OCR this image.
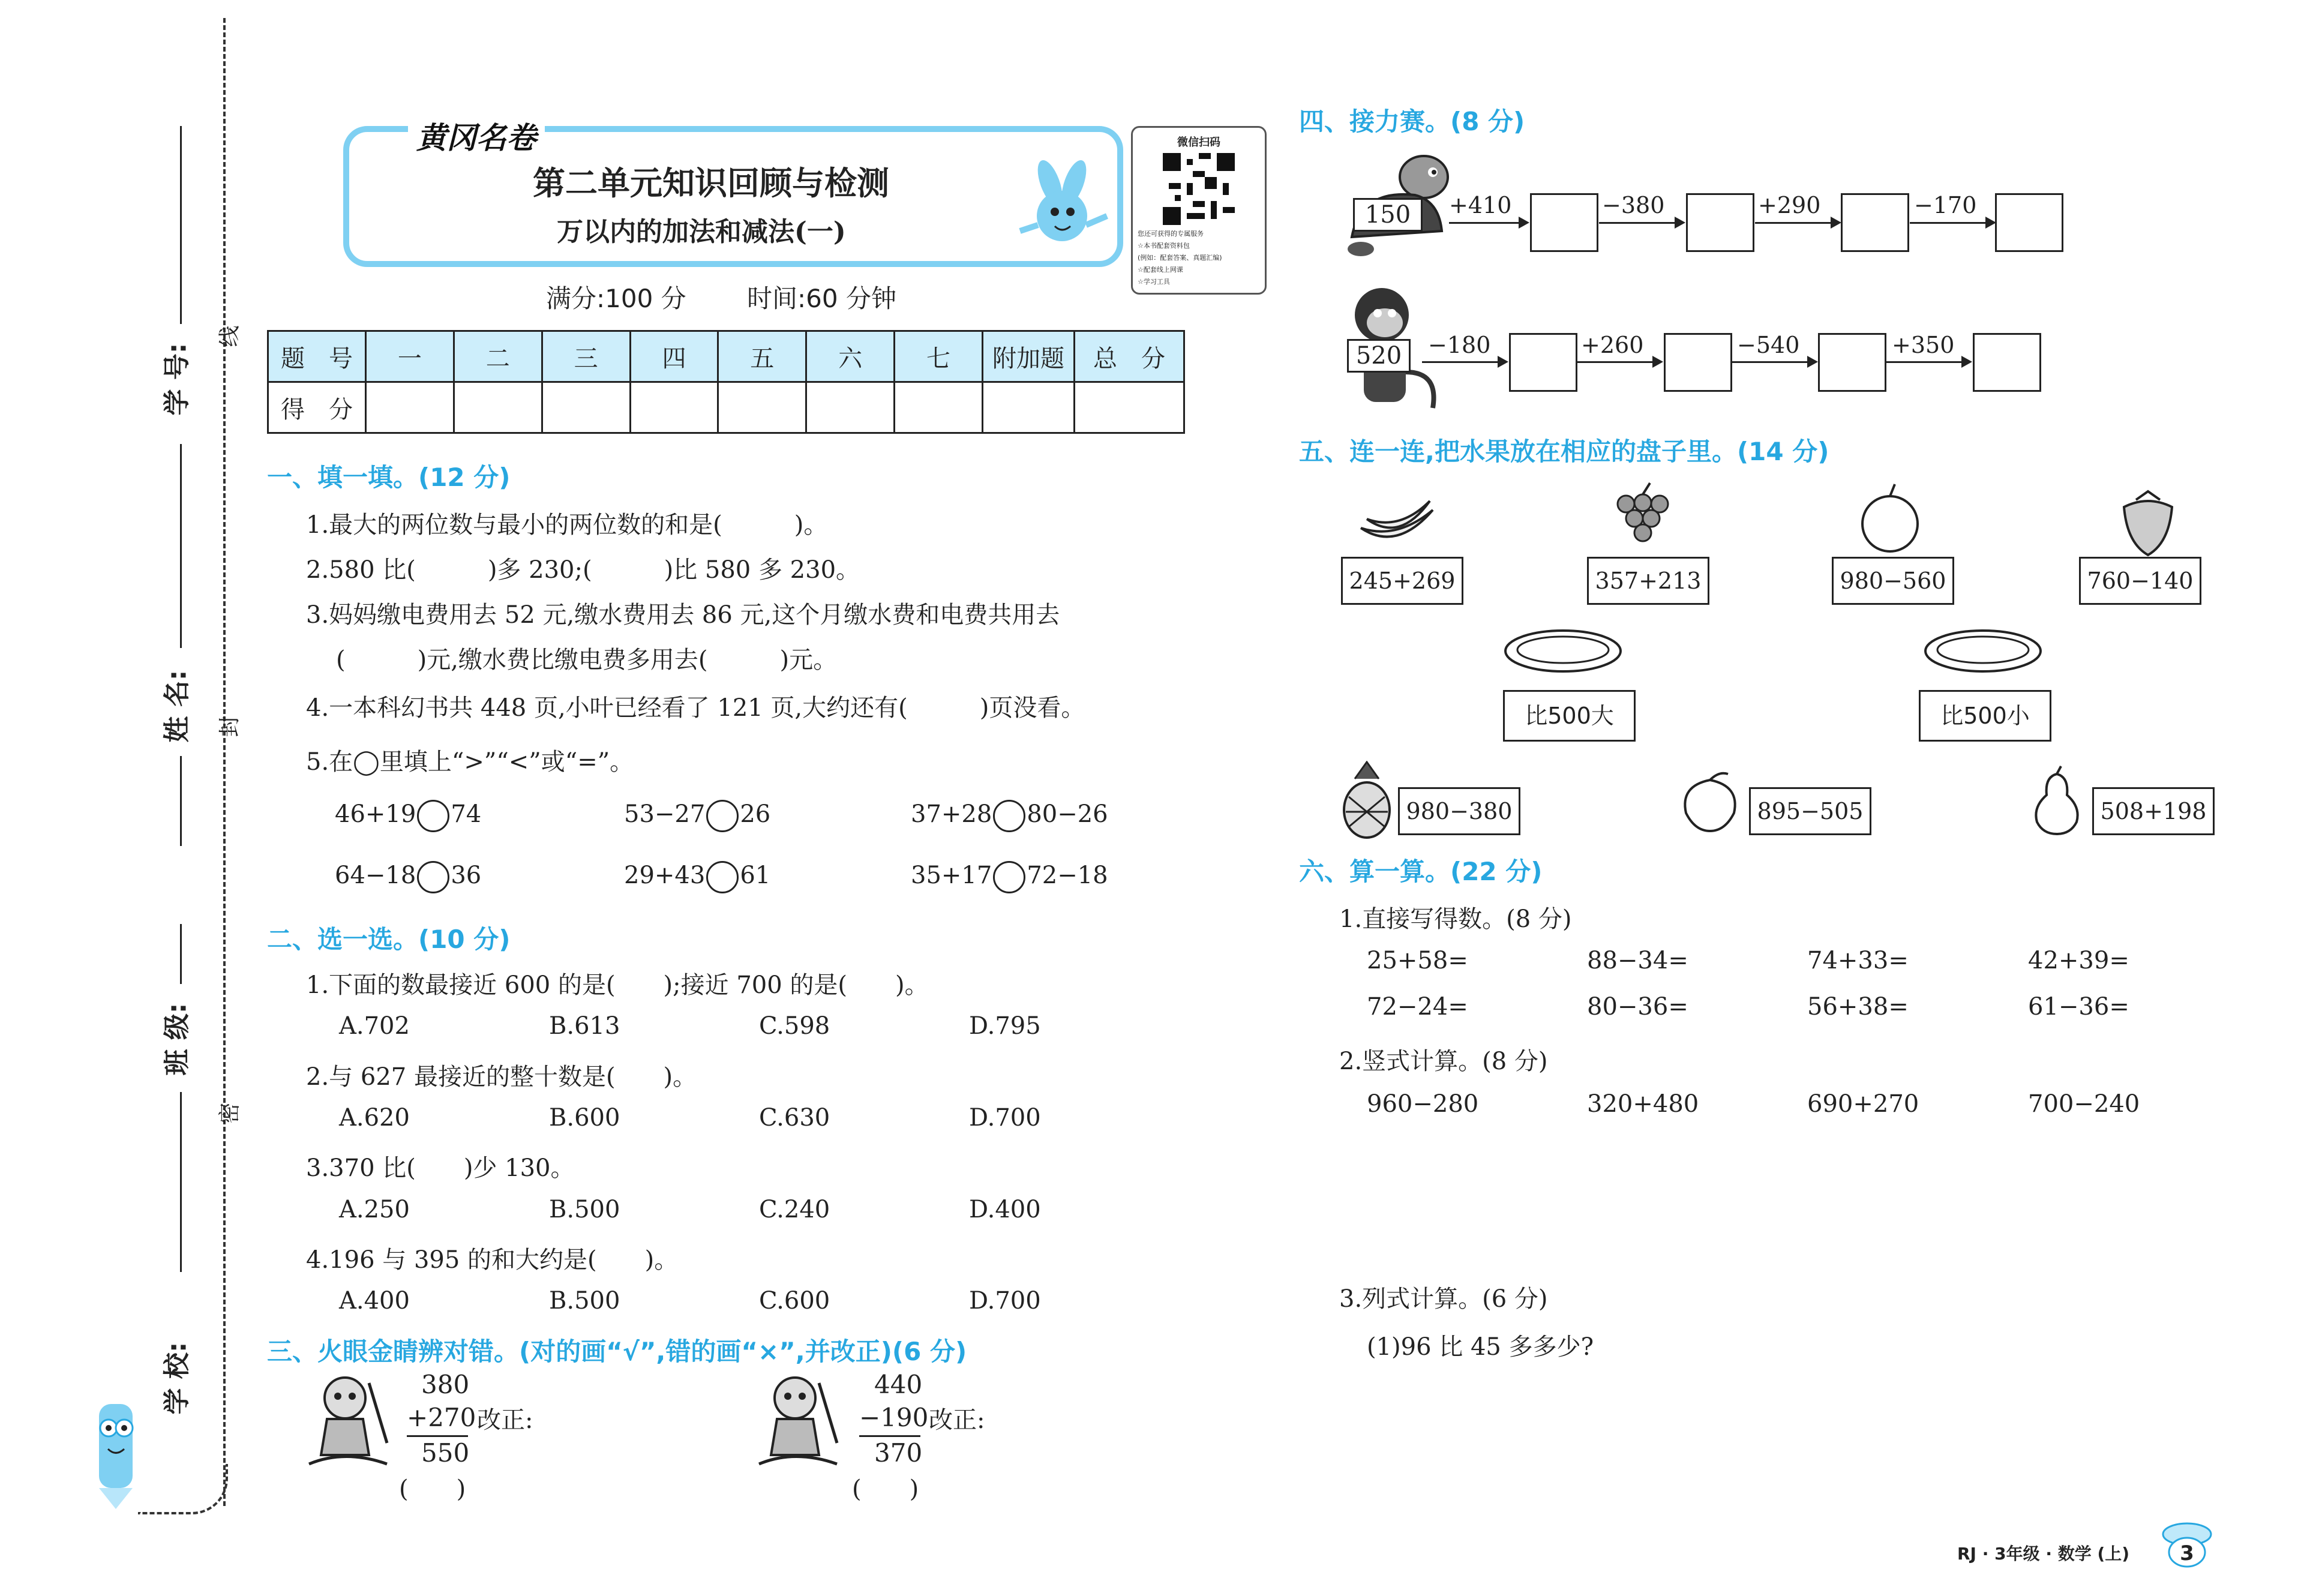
学 号:
线
姓 名: 封
班 级:
密
学 校:
黄冈名卷
第二单元知识回顾与检测
万以内的加法和减法(一)
微信扫码
您还可获得的专属服务
☆本书配套资料包
(例如：配套答案、真题汇编)
☆配套线上网课
☆学习工具
满分:100 分 时间:60 分钟
题　号	一	二	三	四	五	六	七	附加题	总　分
得　分									
一、填一填。(12 分)
1.最大的两位数与最小的两位数的和是(　　　)。
2.580 比(　　　)多 230;(　　　)比 580 多 230。
3.妈妈缴电费用去 52 元,缴水费用去 86 元,这个月缴水费和电费共用去
(　　　)元,缴水费比缴电费多用去(　　　)元。
4.一本科幻书共 448 页,小叶已经看了 121 页,大约还有(　　　)页没看。
5.在◯里填上“>”“<”或“=”。
46+19 74	53−27 26	37+28 80−26
64−18 36	29+43 61	35+17 72−18
二、选一选。(10 分)
1.下面的数最接近 600 的是(　　);接近 700 的是(　　)。
A.702	B.613	C.598	D.795
2.与 627 最接近的整十数是(　　)。
A.620	B.600	C.630	D.700
3.370 比(　　)少 130。
A.250	B.500	C.240	D.400
4.196 与 395 的和大约是(　　)。
A.400	B.500	C.600	D.700
三、火眼金睛辨对错。(对的画“√”,错的画“×”,并改正)(6 分)
380
+270
550
改正:
(　　)
440
−190
370
改正:
(　　)
四、接力赛。(8 分)
150	+410	−380	+290	−170
520	−180	+260	−540	+350
五、连一连,把水果放在相应的盘子里。(14 分)
245+269	357+213	980−560	760−140
比500大	比500小
980−380	895−505	508+198
六、算一算。(22 分)
1.直接写得数。(8 分)
25+58=	88−34=	74+33=	42+39=
72−24=	80−36=	56+38=	61−36=
2.竖式计算。(8 分)
960−280	320+480	690+270	700−240
3.列式计算。(6 分)
(1)96 比 45 多多少?
RJ · 3年级 · 数学 (上)	3
